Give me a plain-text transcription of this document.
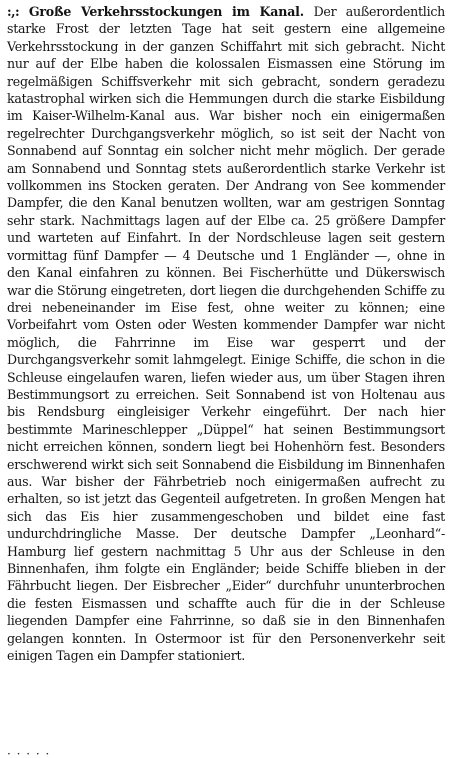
:,: Große Verkehrsstockungen im Kanal. Der außerordentlich starke Frost der letzten Tage hat seit gestern eine allgemeine Verkehrsstockung in der ganzen Schiffahrt mit sich gebracht. Nicht nur auf der Elbe haben die kolossalen Eismassen eine Störung im regelmäßigen Schiffsverkehr mit sich gebracht, sondern geradezu katastrophal wirken sich die Hemmungen durch die starke Eisbildung im Kaiser-Wilhelm-Kanal aus. War bisher noch ein einigermaßen regelrechter Durchgangsverkehr möglich, so ist seit der Nacht von Sonnabend auf Sonntag ein solcher nicht mehr möglich. Der gerade am Sonnabend und Sonntag stets außerordentlich starke Verkehr ist vollkommen ins Stocken geraten. Der Andrang von See kommender Dampfer, die den Kanal benutzen wollten, war am gestrigen Sonntag sehr stark. Nachmittags lagen auf der Elbe ca. 25 größere Dampfer und warteten auf Einfahrt. In der Nordschleuse lagen seit gestern vormittag fünf Dampfer — 4 Deutsche und 1 Engländer —, ohne in den Kanal einfahren zu können. Bei Fischerhütte und Dükerswisch war die Störung eingetreten, dort liegen die durchgehenden Schiffe zu drei nebeneinander im Eise fest, ohne weiter zu können; eine Vorbeifahrt vom Osten oder Westen kommender Dampfer war nicht möglich, die Fahrrinne im Eise war gesperrt und der Durchgangsverkehr somit lahmgelegt. Einige Schiffe, die schon in die Schleuse eingelaufen waren, liefen wieder aus, um über Stagen ihren Bestimmungsort zu erreichen. Seit Sonnabend ist von Holtenau aus bis Rendsburg eingleisiger Verkehr eingeführt. Der nach hier bestimmte Marineschlepper „Düppel“ hat seinen Bestimmungsort nicht erreichen können, sondern liegt bei Hohenhörn fest. Besonders erschwerend wirkt sich seit Sonnabend die Eisbildung im Binnenhafen aus. War bisher der Fährbetrieb noch einigermaßen aufrecht zu erhalten, so ist jetzt das Gegenteil aufgetreten. In großen Mengen hat sich das Eis hier zusammengeschoben und bildet eine fast undurchdringliche Masse. Der deutsche Dampfer „Leonhard“-Hamburg lief gestern nachmittag 5 Uhr aus der Schleuse in den Binnenhafen, ihm folgte ein Engländer; beide Schiffe blieben in der Fährbucht liegen. Der Eisbrecher „Eider“ durchfuhr ununterbrochen die festen Eismassen und schaffte auch für die in der Schleuse liegenden Dampfer eine Fahrrinne, so daß sie in den Binnenhafen gelangen konnten. In Ostermoor ist für den Personenverkehr seit einigen Tagen ein Dampfer stationiert.

· · · · ·
